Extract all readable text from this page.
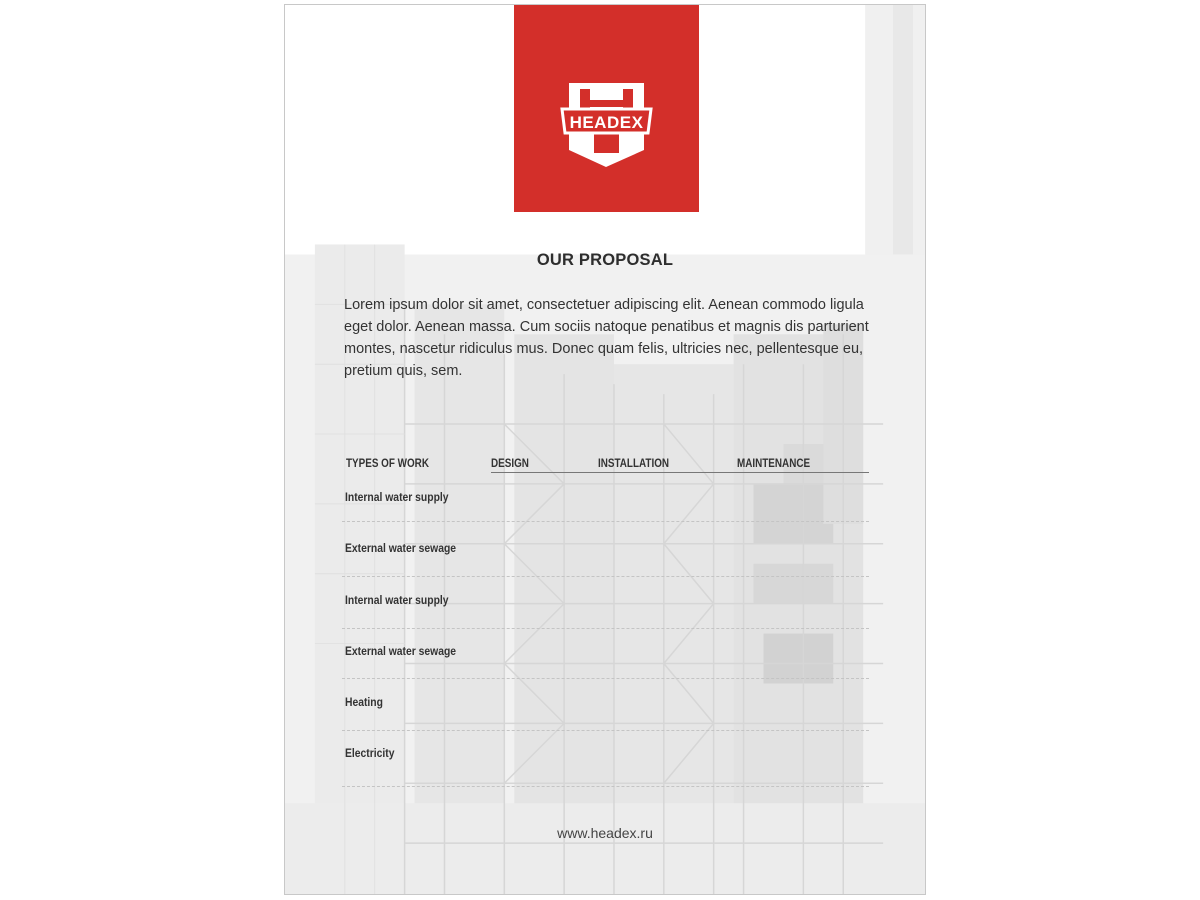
HEADEX
OUR PROPOSAL
Lorem ipsum dolor sit amet, consectetuer adipiscing elit. Aenean commodo ligula eget dolor. Aenean massa. Cum sociis natoque penatibus et magnis dis parturient montes, nascetur ridiculus mus. Donec quam felis, ultricies nec, pellentesque eu, pretium quis, sem.
TYPES OF WORK	DESIGN	INSTALLATION	MAINTENANCE
Internal water supply
External water sewage
Internal water supply
External water sewage
Heating
Electricity
www.headex.ru
